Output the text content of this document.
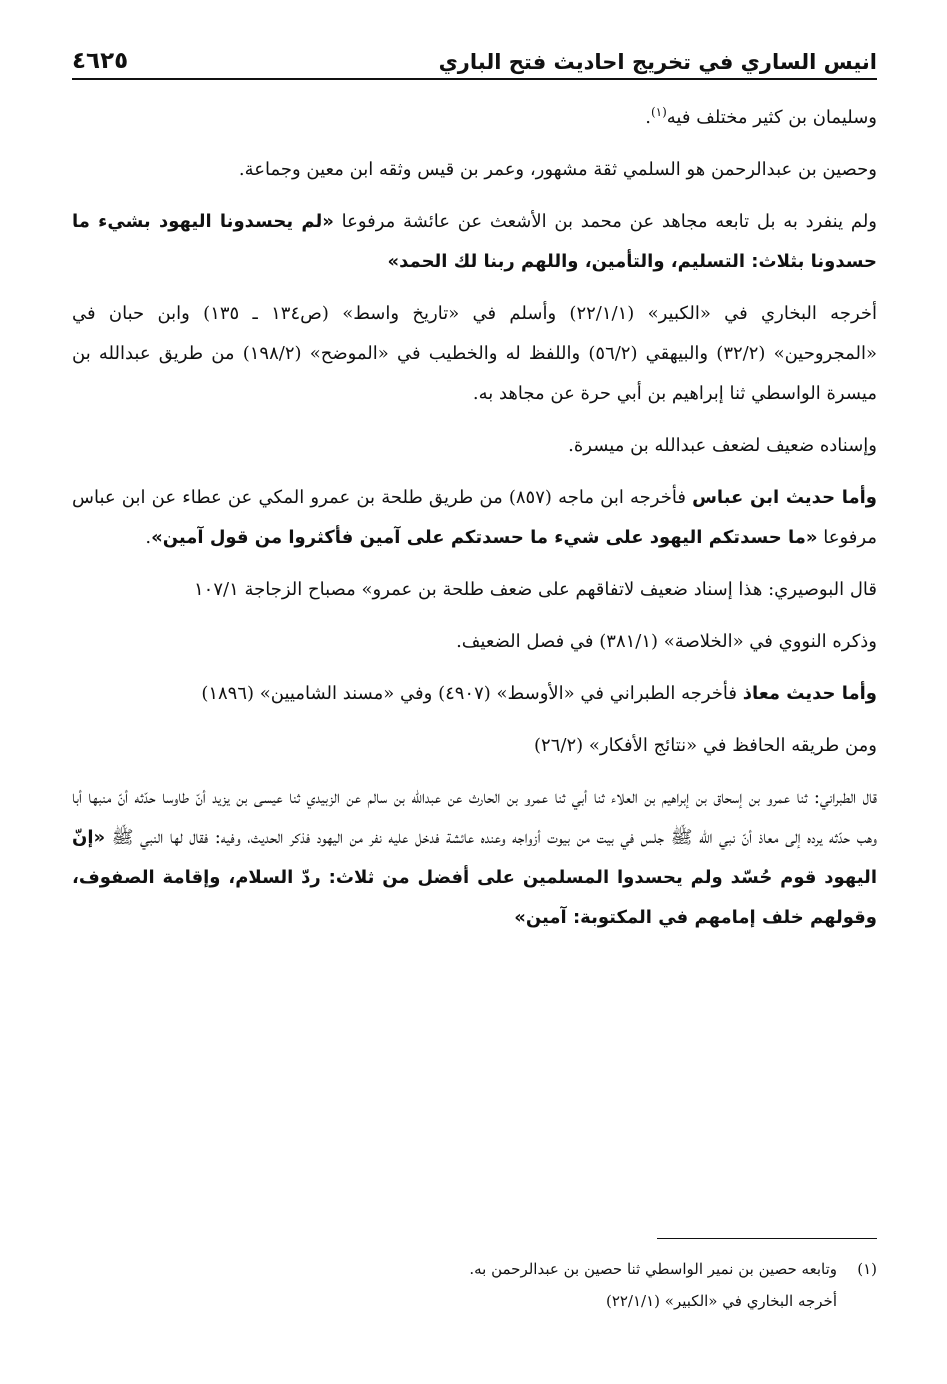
انيس الساري في تخريج احاديث فتح الباري
٤٦٢٥

وسليمان بن كثير مختلف فيه$^{(١)}$.

وحصين بن عبدالرحمن هو السلمي ثقة مشهور، وعمر بن قيس وثقه ابن معين وجماعة.

ولم ينفرد به بل تابعه مجاهد عن محمد بن الأشعث عن عائشة مرفوعا «لم يحسدونا اليهود بشيء ما حسدونا بثلاث: التسليم، والتأمين، واللهم ربنا لك الحمد»

أخرجه البخاري في «الكبير» (٢٢/١/١) وأسلم في «تاريخ واسط» (ص١٣٤ ـ ١٣٥) وابن حبان في «المجروحين» (٣٢/٢) والبيهقي (٥٦/٢) واللفظ له والخطيب في «الموضح» (١٩٨/٢) من طريق عبدالله بن ميسرة الواسطي ثنا إبراهيم بن أبي حرة عن مجاهد به.

وإسناده ضعيف لضعف عبدالله بن ميسرة.

وأما حديث ابن عباس فأخرجه ابن ماجه (٨٥٧) من طريق طلحة بن عمرو المكي عن عطاء عن ابن عباس مرفوعا «ما حسدتكم اليهود على شيء ما حسدتكم على آمين فأكثروا من قول آمين».

قال البوصيري: هذا إسناد ضعيف لاتفاقهم على ضعف طلحة بن عمرو» مصباح الزجاجة ١٠٧/١

وذكره النووي في «الخلاصة» (٣٨١/١) في فصل الضعيف.

وأما حديث معاذ فأخرجه الطبراني في «الأوسط» (٤٩٠٧) وفي «مسند الشاميين» (١٨٩٦)

ومن طريقه الحافظ في «نتائج الأفكار» (٢٦/٢)

قال الطبراني: ثنا عمرو بن إسحاق بن إبراهيم بن العلاء ثنا أبي ثنا عمرو بن الحارث عن عبدالله بن سالم عن الزبيدي ثنا عيسى بن يزيد أنّ طاوسا حدّثه أنّ منبها أبا وهب حدّثه يرده إلى معاذ أنّ نبي الله ﷺ جلس في بيت من بيوت أزواجه وعنده عائشة فدخل عليه نفر من اليهود فذكر الحديث، وفيه: فقال لها النبي ﷺ «إنّ اليهود قوم حُسّد ولم يحسدوا المسلمين على أفضل من ثلاث: ردّ السلام، وإقامة الصفوف، وقولهم خلف إمامهم في المكتوبة: آمين»

(١)وتابعه حصين بن نمير الواسطي ثنا حصين بن عبدالرحمن به.

أخرجه البخاري في «الكبير» (٢٢/١/١)
